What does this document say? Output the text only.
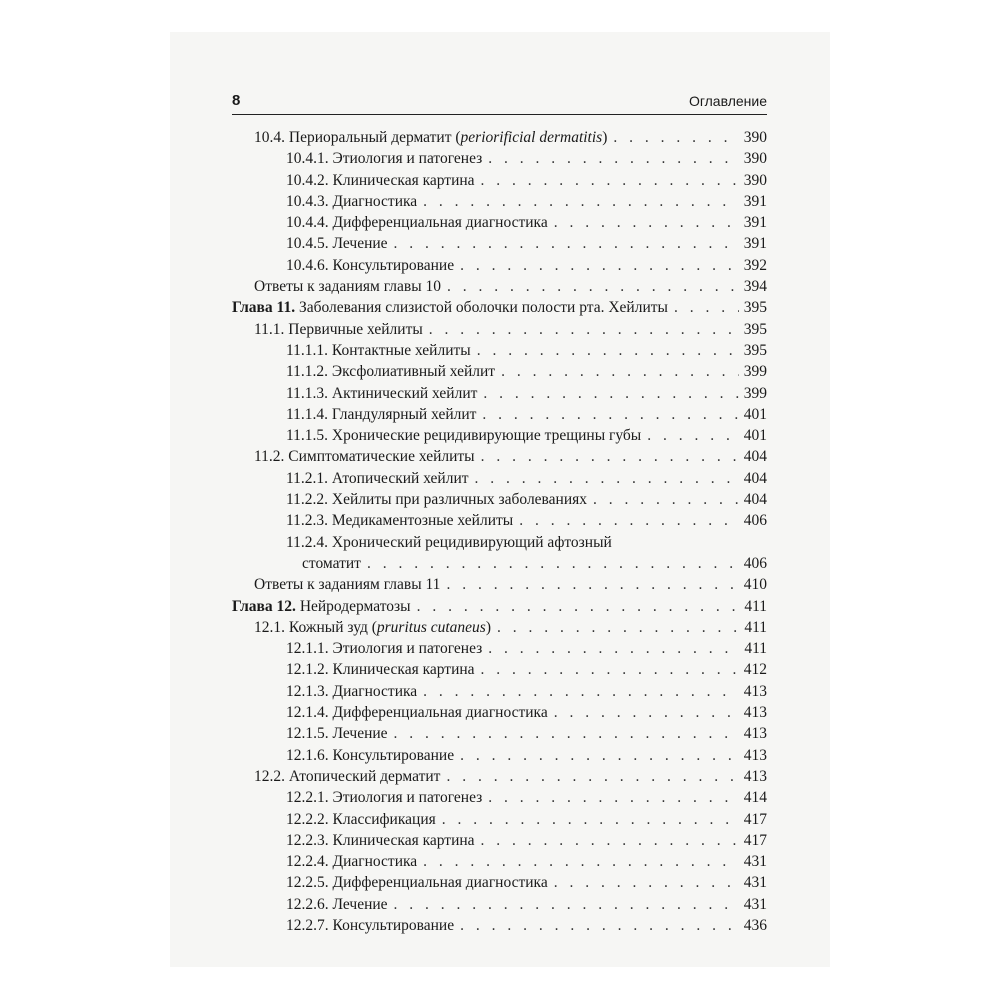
8	Оглавление
10.4. Периоральный дерматит (periorificial dermatitis) . . .	390
10.4.1. Этиология и патогенез . . .	390
10.4.2. Клиническая картина . . .	390
10.4.3. Диагностика . . .	391
10.4.4. Дифференциальная диагностика . . .	391
10.4.5. Лечение . . .	391
10.4.6. Консультирование . . .	392
Ответы к заданиям главы 10 . . .	394
Глава 11. Заболевания слизистой оболочки полости рта. Хейлиты . . .	395
11.1. Первичные хейлиты . . .	395
11.1.1. Контактные хейлиты . . .	395
11.1.2. Эксфолиативный хейлит . . .	399
11.1.3. Актинический хейлит . . .	399
11.1.4. Гландулярный хейлит . . .	401
11.1.5. Хронические рецидивирующие трещины губы . . .	401
11.2. Симптоматические хейлиты . . .	404
11.2.1. Атопический хейлит . . .	404
11.2.2. Хейлиты при различных заболеваниях . . .	404
11.2.3. Медикаментозные хейлиты . . .	406
11.2.4. Хронический рецидивирующий афтозный
стоматит . . .	406
Ответы к заданиям главы 11 . . .	410
Глава 12. Нейродерматозы . . .	411
12.1. Кожный зуд (pruritus cutaneus) . . .	411
12.1.1. Этиология и патогенез . . .	411
12.1.2. Клиническая картина . . .	412
12.1.3. Диагностика . . .	413
12.1.4. Дифференциальная диагностика . . .	413
12.1.5. Лечение . . .	413
12.1.6. Консультирование . . .	413
12.2. Атопический дерматит . . .	413
12.2.1. Этиология и патогенез . . .	414
12.2.2. Классификация . . .	417
12.2.3. Клиническая картина . . .	417
12.2.4. Диагностика . . .	431
12.2.5. Дифференциальная диагностика . . .	431
12.2.6. Лечение . . .	431
12.2.7. Консультирование . . .	436
